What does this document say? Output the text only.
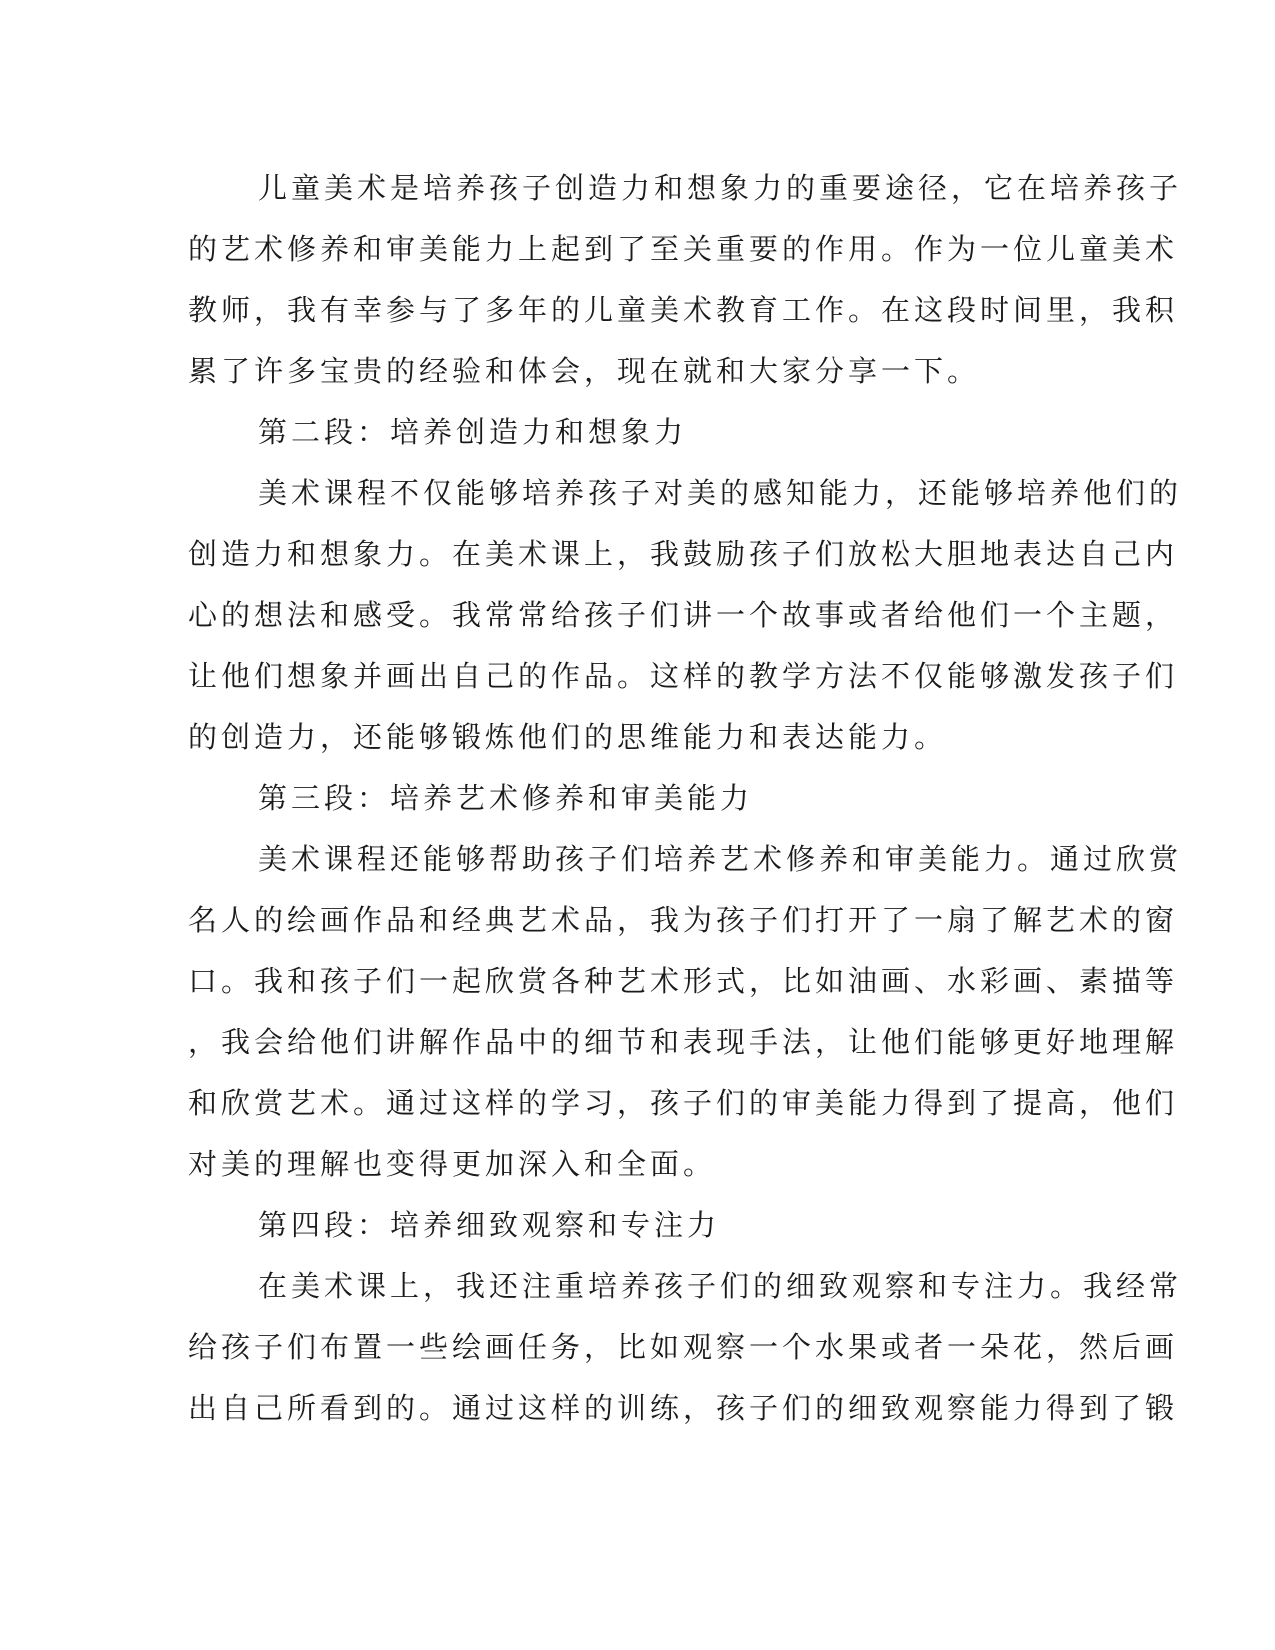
儿童美术是培养孩子创造力和想象力的重要途径，它在培养孩子
的艺术修养和审美能力上起到了至关重要的作用。作为一位儿童美术
教师，我有幸参与了多年的儿童美术教育工作。在这段时间里，我积
累了许多宝贵的经验和体会，现在就和大家分享一下。
第二段：培养创造力和想象力
美术课程不仅能够培养孩子对美的感知能力，还能够培养他们的
创造力和想象力。在美术课上，我鼓励孩子们放松大胆地表达自己内
心的想法和感受。我常常给孩子们讲一个故事或者给他们一个主题，
让他们想象并画出自己的作品。这样的教学方法不仅能够激发孩子们
的创造力，还能够锻炼他们的思维能力和表达能力。
第三段：培养艺术修养和审美能力
美术课程还能够帮助孩子们培养艺术修养和审美能力。通过欣赏
名人的绘画作品和经典艺术品，我为孩子们打开了一扇了解艺术的窗
口。我和孩子们一起欣赏各种艺术形式，比如油画、水彩画、素描等
，我会给他们讲解作品中的细节和表现手法，让他们能够更好地理解
和欣赏艺术。通过这样的学习，孩子们的审美能力得到了提高，他们
对美的理解也变得更加深入和全面。
第四段：培养细致观察和专注力
在美术课上，我还注重培养孩子们的细致观察和专注力。我经常
给孩子们布置一些绘画任务，比如观察一个水果或者一朵花，然后画
出自己所看到的。通过这样的训练，孩子们的细致观察能力得到了锻
